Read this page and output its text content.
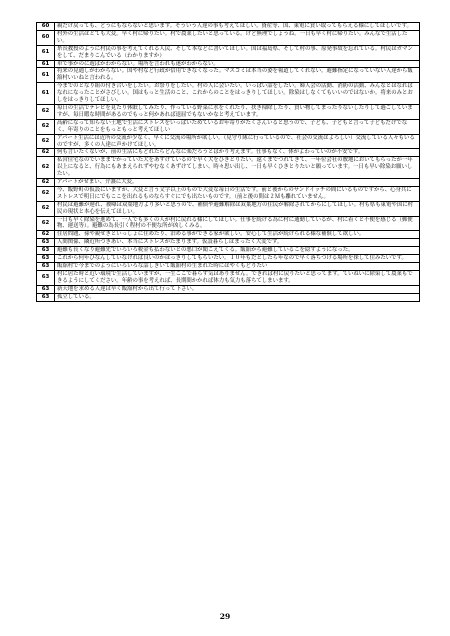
60	親だけ戻っても、どうにもならないと思います。そういう人達の事も考えてほしい。資産等、国、東電に買い取ってもらえる様にしてほしいです。
60	村外の生活はとても大変。早く村に帰りたい。村で農業したいと思っている。けど無理でしょうね。一日も早く村に帰りたい。みんなで生活したい。
61	糸長教授のように村民の事を考えてくれる人民、そして本などに書いてほしい。国は福島県、そして村の事、原発事故を忘れている。村民はガマンをして、だまりこんでいる（わかりますか）
61	車で事かのに遊ばかわからない。場所を言われも迷がわからない。
61	将来の見通しがわからない。国や村など行政が信用できなくなった。マスコミは本当の姿を報道してくれない。避難指定になっていない人達から飯舘村いいねと言われる。
61	今までのとなり組の付き合いをしたい。お祭りをしたい。村の人に会いたい。いっぱい話をしたい。婦人会の活動、消防の活動、みんなとはなればなれになったことがさびしい。国はもっと生活のこと、これからのことをはっきりしてほしい。除染はしなくてもいいのではないか。将来のみとおしをはっきりしてほしい。
62	毎日の生活でテレビを見たり休眠してみたり、作っている野菜に水をくれたり、扶き掃除したり、買い物してまったりないしたりして過ごしていますが、毎日暇な時間があるのでもっと何かあれば退屈でもないかなと考えています。
62	高齢になって知らない土地で生活にストレスをいっぱいためているお年寄りがたくさんいると思うので、子ども、子どもと言って子どもだけでなく、年寄りのことをもっともっと考えてほしい
62	アパート生活には近所の交流が少なく、早くに交流の場所が欲しい。（見守り隊に行っているので、社会の交流はよろしい）交流している人々もいるのですが、多くの人達に声かけてほしい。
62	何も言いたくないが、前の生活にもどれたらどんなに楽だろうとばかり考えます。仕事もなく、体がよわっていのが不安です。
62	私営住宅なのでいままでかっていた犬をあずけているので早く犬をひきとりたい。遠くまでつれてきて、一年位会社の敷地においてもらったが一年以上になると、行為にもあまえられずやむなくあずけてしまい、時々思い出し、一日も早くひきとりたいと願っています。一日も早い除染お願いしたい。
62	アパートがせまい、介護に大変。
62	今、飯野町の仮設にいますが、大変と言う文字以上のもので大変な毎日の生活です。前と後からのサンドイッチの間にいるものですから、心身共にストレスで明日にでもここを出れるものならすぐにでも出たいものです。（前と後の間は２Ｍも離れていません。
62	村民は避難が遅れ、被曝は双葉地方より多いと思うので、補償や避難解除は双葉地方の住民が解除されてからにしてほしい。村も県も東電や国に村民の現状と本心を伝えてほしい。
62	一日も早く除染を進めて、一人でも多くの人が村に戻れる様にしてほしい。仕事を続ける為に村に通勤しているが、村に着くと不便を感じる（郵便物、運送等）。避難の為長引く程村の不便な所が凶しくみる。
62	住居問題、孫や親せきといっしょに住めたり、泊める事ができる家が欲しい。安心して生活が続けられる様な補償して欲しい。
63	人間関係、隣近所つきあい、本当にストレスがたまります。仮設暮らしはまったく大変です。
63	避難も長くなり避難先でいろいろ税金も払わないとの悪口が聞こえてくる。飯舘から避難しているこを隠すようになった。
63	これから何年ひなんしていなければ良いのかはっきりしてもらいたい。１０年もだとしたら年なので早く落ちつける場所を探して住みたいです。
63	飯舘村で今までのようにいろいろな話しきいて飯舘村の生まれた時にはやくもどりたい
63	村に居た時と近い環境で生活していますが、一生ここで暮らす気はありません。できれば村に戻りたいと思ってます。ていねいに除染して農業もできるようにしてください。年齢の事を考えれば、長期間かかれば体力も気力も落ちてしまいます。
63	新天地を求める人達は早く飯舘村から出て行って下さい。
63	孤立している。
29
